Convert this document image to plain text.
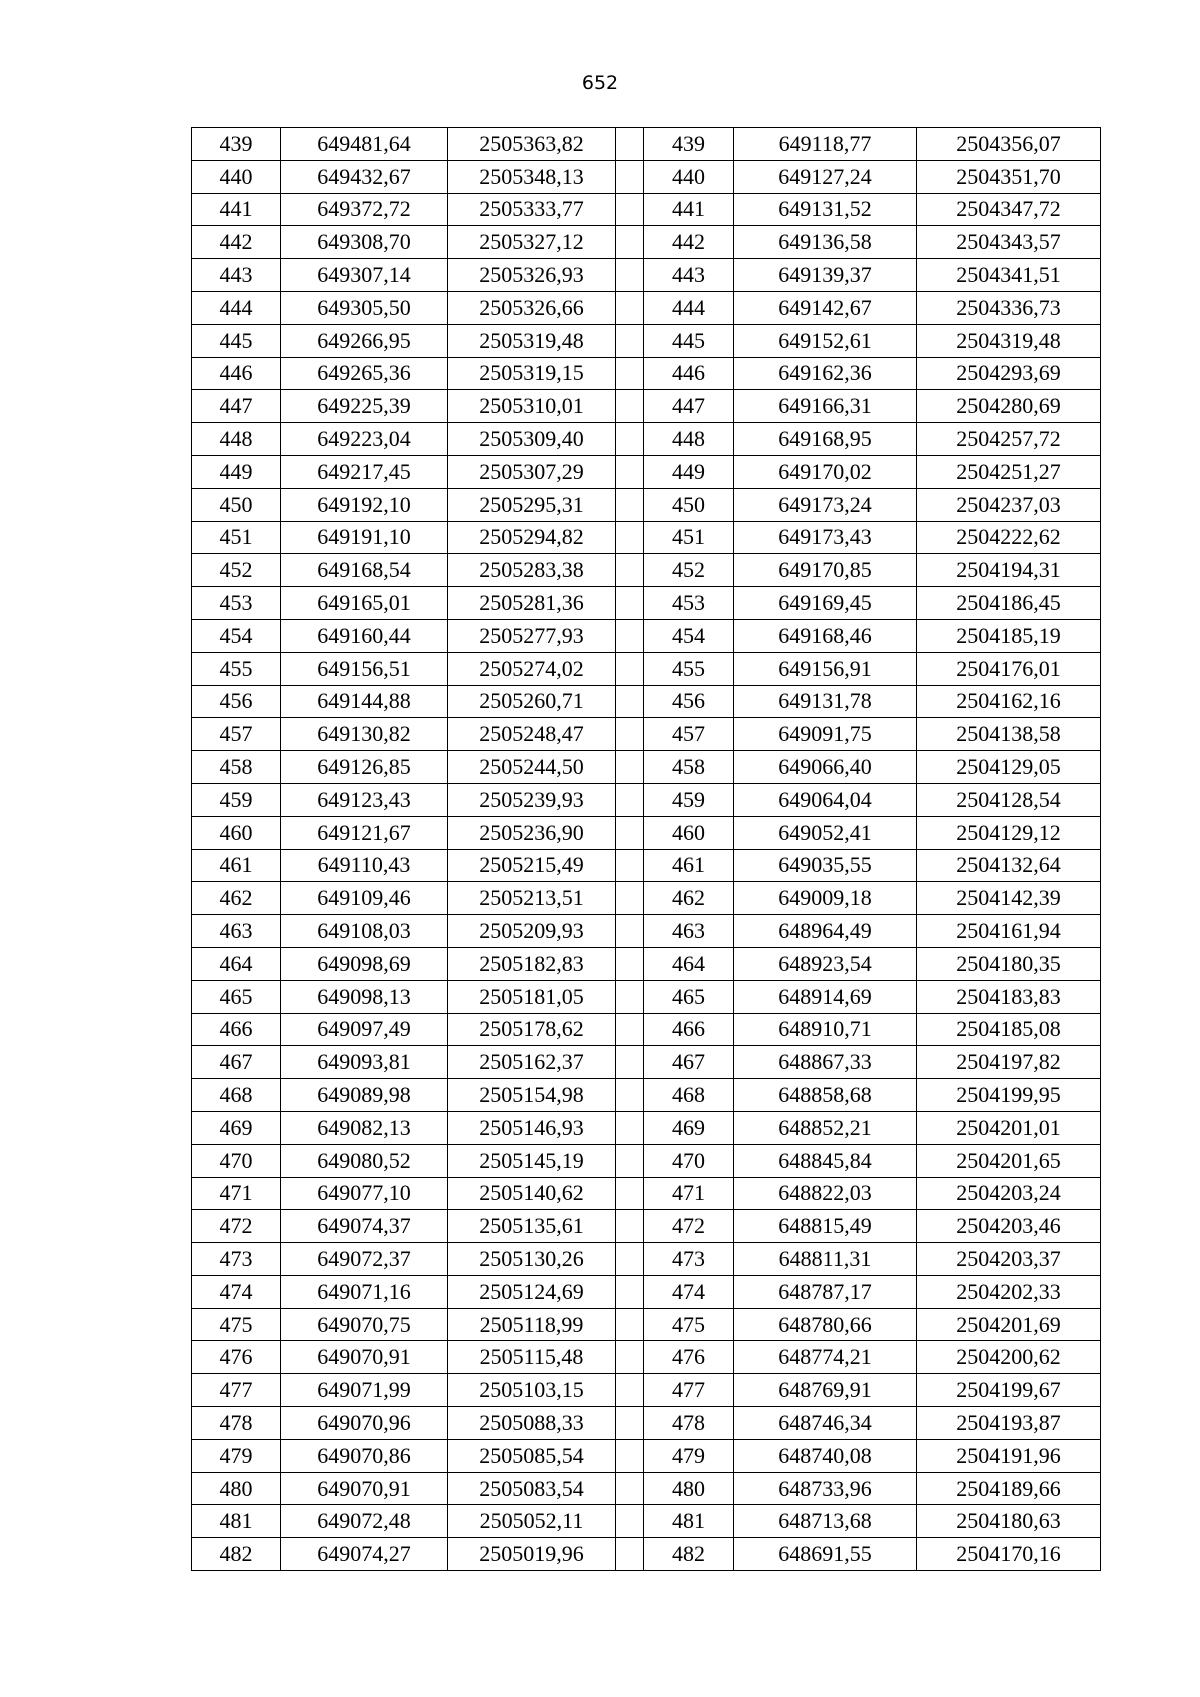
652
439	649481,64	2505363,82		439	649118,77	2504356,07
440	649432,67	2505348,13		440	649127,24	2504351,70
441	649372,72	2505333,77		441	649131,52	2504347,72
442	649308,70	2505327,12		442	649136,58	2504343,57
443	649307,14	2505326,93		443	649139,37	2504341,51
444	649305,50	2505326,66		444	649142,67	2504336,73
445	649266,95	2505319,48		445	649152,61	2504319,48
446	649265,36	2505319,15		446	649162,36	2504293,69
447	649225,39	2505310,01		447	649166,31	2504280,69
448	649223,04	2505309,40		448	649168,95	2504257,72
449	649217,45	2505307,29		449	649170,02	2504251,27
450	649192,10	2505295,31		450	649173,24	2504237,03
451	649191,10	2505294,82		451	649173,43	2504222,62
452	649168,54	2505283,38		452	649170,85	2504194,31
453	649165,01	2505281,36		453	649169,45	2504186,45
454	649160,44	2505277,93		454	649168,46	2504185,19
455	649156,51	2505274,02		455	649156,91	2504176,01
456	649144,88	2505260,71		456	649131,78	2504162,16
457	649130,82	2505248,47		457	649091,75	2504138,58
458	649126,85	2505244,50		458	649066,40	2504129,05
459	649123,43	2505239,93		459	649064,04	2504128,54
460	649121,67	2505236,90		460	649052,41	2504129,12
461	649110,43	2505215,49		461	649035,55	2504132,64
462	649109,46	2505213,51		462	649009,18	2504142,39
463	649108,03	2505209,93		463	648964,49	2504161,94
464	649098,69	2505182,83		464	648923,54	2504180,35
465	649098,13	2505181,05		465	648914,69	2504183,83
466	649097,49	2505178,62		466	648910,71	2504185,08
467	649093,81	2505162,37		467	648867,33	2504197,82
468	649089,98	2505154,98		468	648858,68	2504199,95
469	649082,13	2505146,93		469	648852,21	2504201,01
470	649080,52	2505145,19		470	648845,84	2504201,65
471	649077,10	2505140,62		471	648822,03	2504203,24
472	649074,37	2505135,61		472	648815,49	2504203,46
473	649072,37	2505130,26		473	648811,31	2504203,37
474	649071,16	2505124,69		474	648787,17	2504202,33
475	649070,75	2505118,99		475	648780,66	2504201,69
476	649070,91	2505115,48		476	648774,21	2504200,62
477	649071,99	2505103,15		477	648769,91	2504199,67
478	649070,96	2505088,33		478	648746,34	2504193,87
479	649070,86	2505085,54		479	648740,08	2504191,96
480	649070,91	2505083,54		480	648733,96	2504189,66
481	649072,48	2505052,11		481	648713,68	2504180,63
482	649074,27	2505019,96		482	648691,55	2504170,16
